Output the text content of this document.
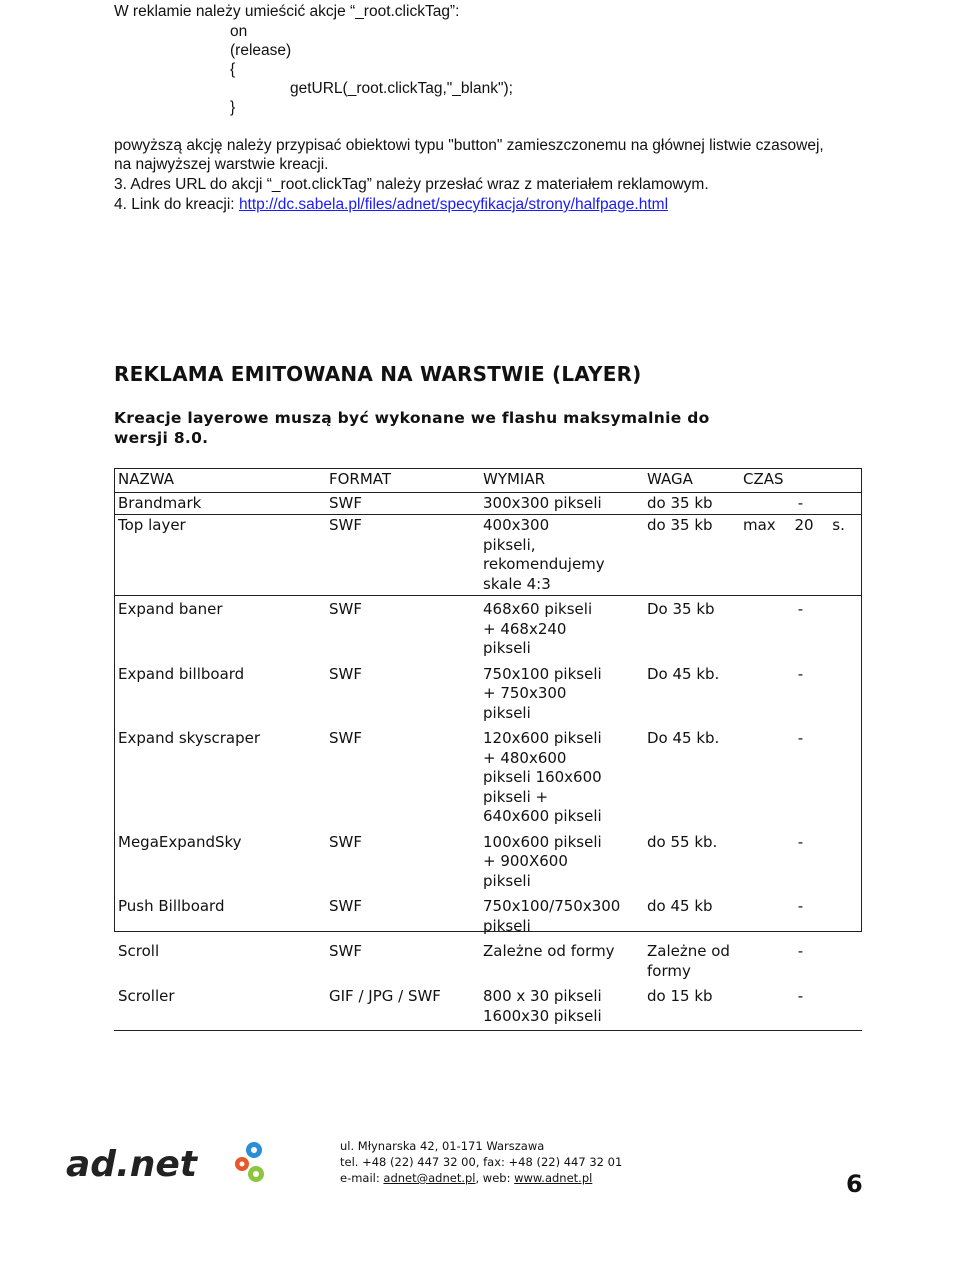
W reklamie należy umieścić akcje “_root.clickTag”:
on
(release)
{
getURL(_root.clickTag,"_blank");
}
powyższą akcję należy przypisać obiektowi typu "button" zamieszczonemu na głównej listwie czasowej,
na najwyższej warstwie kreacji.
3. Adres URL do akcji “_root.clickTag” należy przesłać wraz z materiałem reklamowym.
4. Link do kreacji: http://dc.sabela.pl/files/adnet/specyfikacja/strony/halfpage.html
REKLAMA EMITOWANA NA WARSTWIE (LAYER)

Kreacje layerowe muszą być wykonane we flashu maksymalnie do wersji 8.0.

NAZWA	FORMAT	WYMIAR	WAGA	CZAS
Brandmark	SWF	300x300 pikseli	do 35 kb	-
Top layer	SWF	400x300 pikseli, rekomendujemy skale 4:3	do 35 kb	max 20 s.
Expand baner	SWF	468x60 pikseli + 468x240 pikseli	Do 35 kb	-
Expand billboard	SWF	750x100 pikseli + 750x300 pikseli	Do 45 kb.	-
Expand skyscraper	SWF	120x600 pikseli + 480x600 pikseli 160x600 pikseli + 640x600 pikseli	Do 45 kb.	-
MegaExpandSky	SWF	100x600 pikseli + 900X600 pikseli	do 55 kb.	-
Push Billboard	SWF	750x100/750x300 pikseli	do 45 kb	-
Scroll	SWF	Zależne od formy	Zależne od formy	-
Scroller	GIF / JPG / SWF	800 x 30 pikseli 1600x30 pikseli	do 15 kb	-
ad.net	ul. Młynarska 42, 01-171 Warszawa
tel. +48 (22) 447 32 00, fax: +48 (22) 447 32 01
e-mail: adnet@adnet.pl, web: www.adnet.pl	6
